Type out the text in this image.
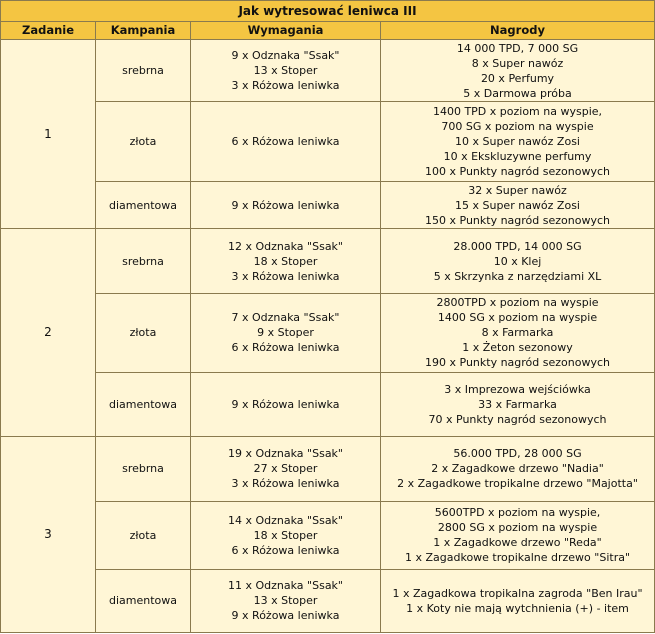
Jak wytresować leniwca III			
Zadanie	Kampania	Wymagania	Nagrody
1	srebrna	9 x Odznaka "Ssak"
13 x Stoper
3 x Różowa leniwka	14 000 TPD, 7 000 SG
8 x Super nawóz
20 x Perfumy
5 x Darmowa próba

	złota	6 x Różowa leniwka	1400 TPD x poziom na wyspie,
700 SG x poziom na wyspie
10 x Super nawóz Zosi
10 x Ekskluzywne perfumy
100 x Punkty nagród sezonowych

	diamentowa	9 x Różowa leniwka	32 x Super nawóz
15 x Super nawóz Zosi
150 x Punkty nagród sezonowych

2	srebrna	12 x Odznaka "Ssak"
18 x Stoper
3 x Różowa leniwka	28.000 TPD, 14 000 SG
10 x Klej
5 x Skrzynka z narzędziami XL

	złota	7 x Odznaka "Ssak"
9 x Stoper
6 x Różowa leniwka	2800TPD x poziom na wyspie
1400 SG x poziom na wyspie
8 x Farmarka
1 x Żeton sezonowy
190 x Punkty nagród sezonowych

	diamentowa	9 x Różowa leniwka	3 x Imprezowa wejściówka
33 x Farmarka
70 x Punkty nagród sezonowych

3	srebrna	19 x Odznaka "Ssak"
27 x Stoper
3 x Różowa leniwka	56.000 TPD, 28 000 SG
2 x Zagadkowe drzewo "Nadia"
2 x Zagadkowe tropikalne drzewo "Majotta"

	złota	14 x Odznaka "Ssak"
18 x Stoper
6 x Różowa leniwka	5600TPD x poziom na wyspie,
2800 SG x poziom na wyspie
1 x Zagadkowe drzewo "Reda"
1 x Zagadkowe tropikalne drzewo "Sitra"

	diamentowa	11 x Odznaka "Ssak"
13 x Stoper
9 x Różowa leniwka	1 x Zagadkowa tropikalna zagroda "Ben Irau"
1 x Koty nie mają wytchnienia (+) - item
